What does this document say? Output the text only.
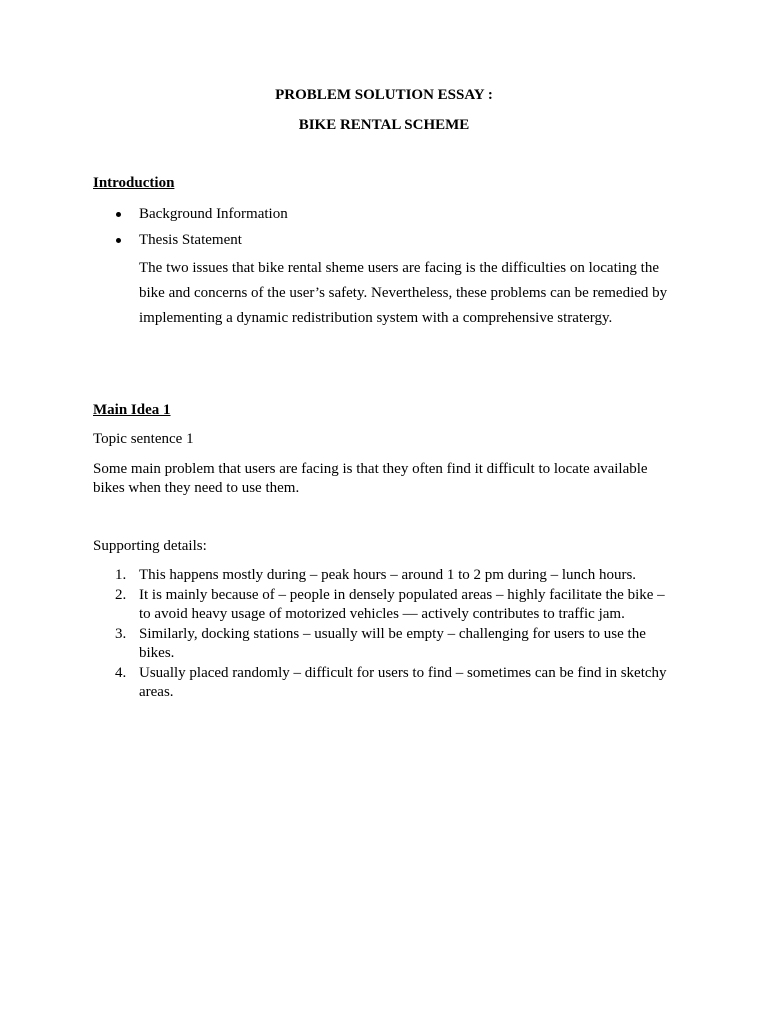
PROBLEM SOLUTION ESSAY :
BIKE RENTAL SCHEME
Introduction
Background Information
Thesis Statement
The two issues that bike rental sheme users are facing is the difficulties on locating the bike and concerns of the user’s safety. Nevertheless, these problems can be remedied by implementing a dynamic redistribution system with a comprehensive stratergy.
Main Idea 1
Topic sentence 1
Some main problem that users are facing is that they often find it difficult to locate available bikes when they need to use them.
Supporting details:
1. This happens mostly during – peak hours – around 1 to 2 pm during – lunch hours.
2. It is mainly because of – people in densely populated areas – highly facilitate the bike – to avoid heavy usage of motorized vehicles — actively contributes to traffic jam.
3. Similarly, docking stations – usually will be empty – challenging for users to use the bikes.
4. Usually placed randomly – difficult for users to find – sometimes can be find in sketchy areas.
